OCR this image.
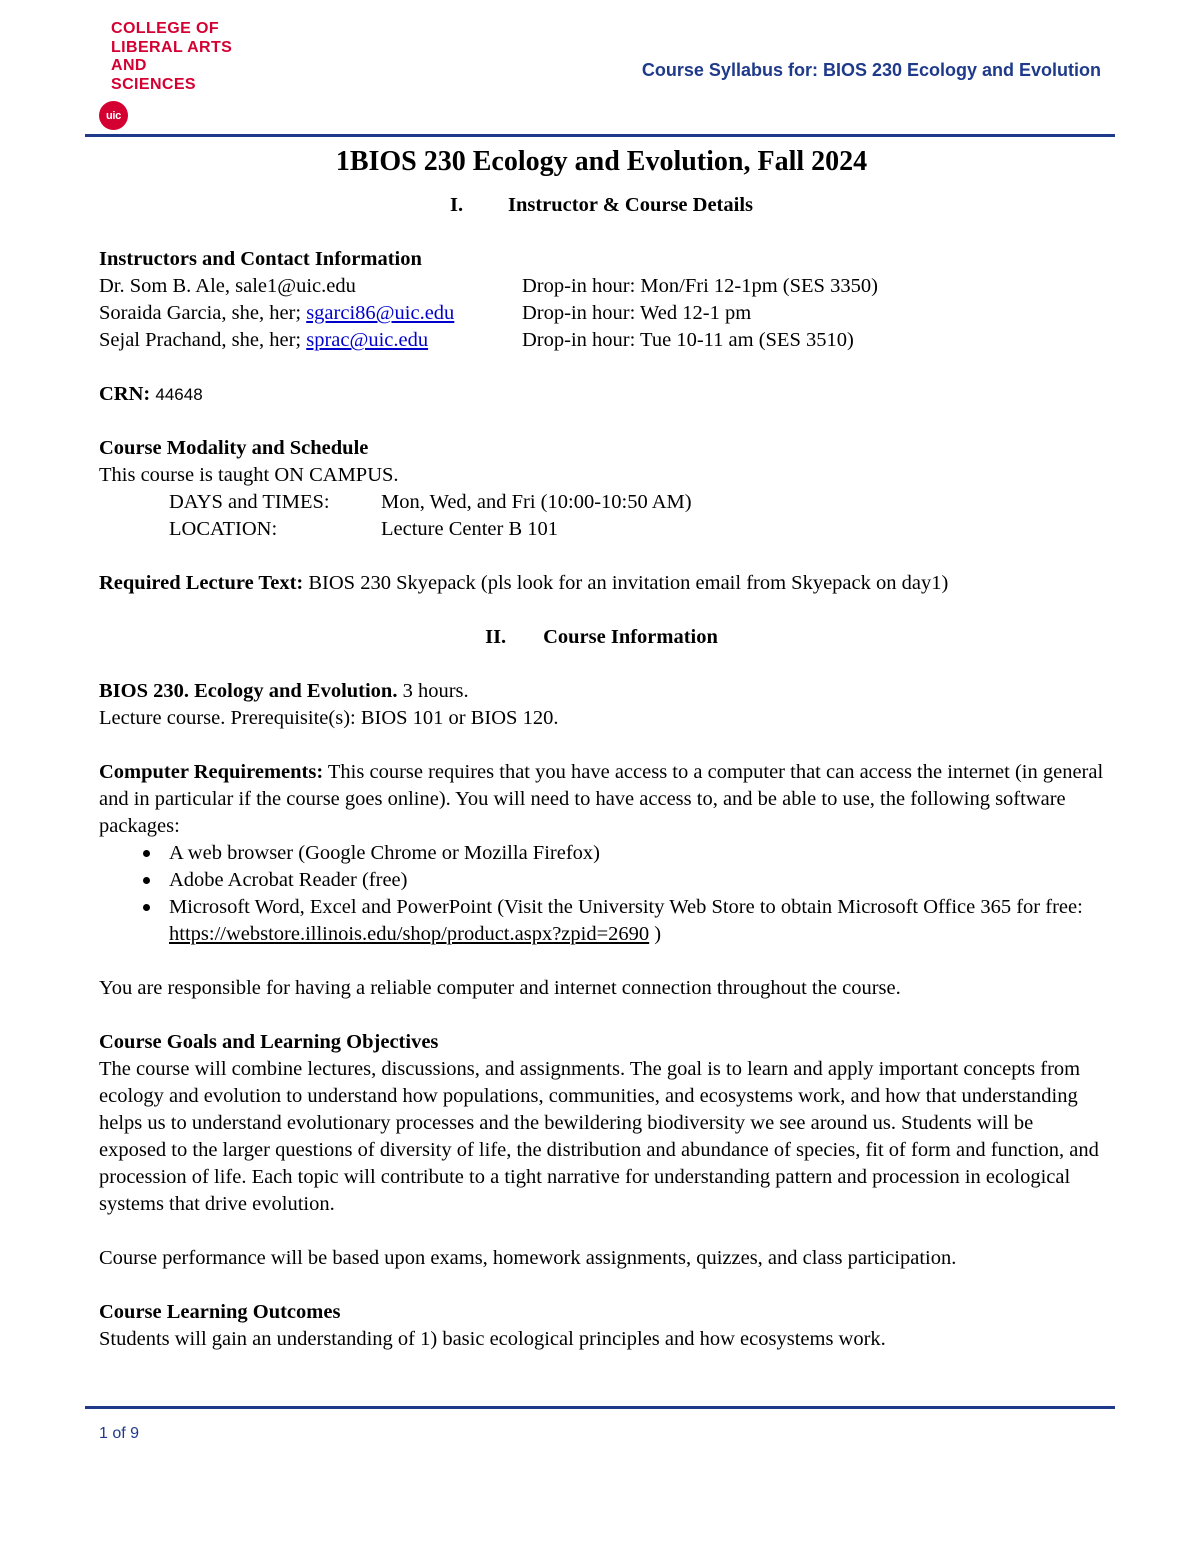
COLLEGE OF
LIBERAL ARTS
AND
SCIENCES
uic
Course Syllabus for: BIOS 230 Ecology and Evolution
1BIOS 230 Ecology and Evolution, Fall 2024
I. Instructor & Course Details

Instructors and Contact Information

Dr. Som B. Ale, sale1@uic.edu	Drop-in hour: Mon/Fri 12-1pm (SES 3350)
Soraida Garcia, she, her; sgarci86@uic.edu	Drop-in hour: Wed 12-1 pm
Sejal Prachand, she, her; sprac@uic.edu	Drop-in hour: Tue 10-11 am (SES 3510)

CRN: 44648

Course Modality and Schedule

This course is taught ON CAMPUS.

DAYS and TIMES:	Mon, Wed, and Fri (10:00-10:50 AM)
LOCATION:	Lecture Center B 101

Required Lecture Text: BIOS 230 Skyepack (pls look for an invitation email from Skyepack on day1)

II. Course Information

BIOS 230. Ecology and Evolution. 3 hours.

Lecture course. Prerequisite(s): BIOS 101 or BIOS 120.

Computer Requirements: This course requires that you have access to a computer that can access the internet (in general and in particular if the course goes online). You will need to have access to, and be able to use, the following software packages:

A web browser (Google Chrome or Mozilla Firefox)
Adobe Acrobat Reader (free)
Microsoft Word, Excel and PowerPoint (Visit the University Web Store to obtain Microsoft Office 365 for free: https://webstore.illinois.edu/shop/product.aspx?zpid=2690 )

You are responsible for having a reliable computer and internet connection throughout the course.

Course Goals and Learning Objectives

The course will combine lectures, discussions, and assignments. The goal is to learn and apply important concepts from ecology and evolution to understand how populations, communities, and ecosystems work, and how that understanding helps us to understand evolutionary processes and the bewildering biodiversity we see around us. Students will be exposed to the larger questions of diversity of life, the distribution and abundance of species, fit of form and function, and procession of life. Each topic will contribute to a tight narrative for understanding pattern and procession in ecological systems that drive evolution.

Course performance will be based upon exams, homework assignments, quizzes, and class participation.

Course Learning Outcomes

Students will gain an understanding of 1) basic ecological principles and how ecosystems work.

1 of 9
